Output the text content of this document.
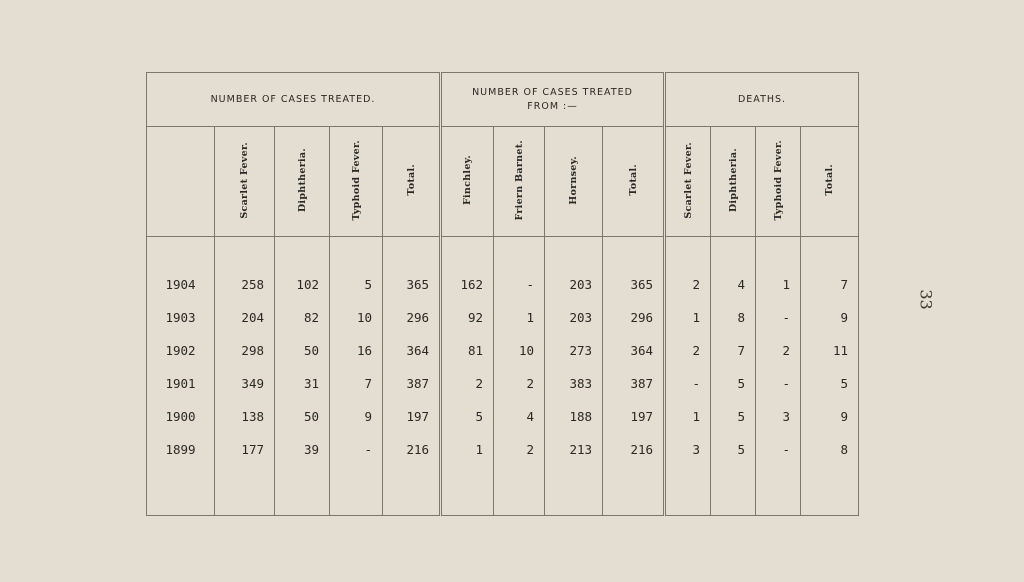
33
NUMBER OF CASES TREATED.					NUMBER OF CASES TREATED
FROM :—				DEATHS.			
	Scarlet Fever.	Diphtheria.	Typhoid Fever.	Total.	Finchley.	Friern Barnet.	Hornsey.	Total.	Scarlet Fever.	Diphtheria.	Typhoid Fever.	Total.

1904	258	102	5	365	162	-	203	365	2	4	1	7
1903	204	82	10	296	92	1	203	296	1	8	-	9
1902	298	50	16	364	81	10	273	364	2	7	2	11
1901	349	31	7	387	2	2	383	387	-	5	-	5
1900	138	50	9	197	5	4	188	197	1	5	3	9
1899	177	39	-	216	1	2	213	216	3	5	-	8
